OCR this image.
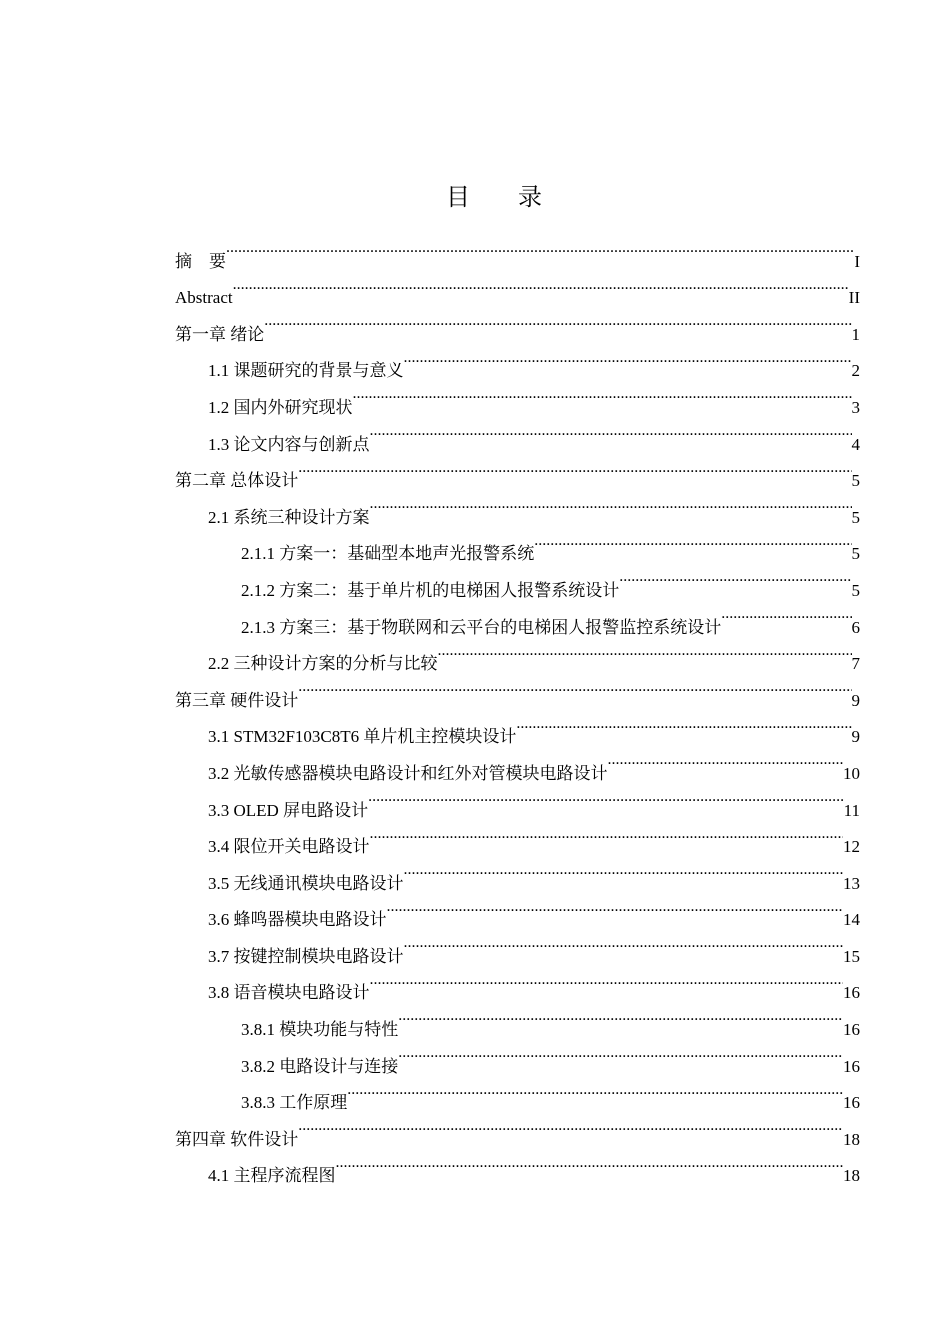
目录
摘　要 .....	I
Abstract .....	II
第一章 绪论 .....	1
1.1 课题研究的背景与意义 .....	2
1.2 国内外研究现状 .....	3
1.3 论文内容与创新点 .....	4
第二章 总体设计 .....	5
2.1 系统三种设计方案 .....	5
2.1.1 方案一：基础型本地声光报警系统 .....	5
2.1.2 方案二：基于单片机的电梯困人报警系统设计 .....	5
2.1.3 方案三：基于物联网和云平台的电梯困人报警监控系统设计 .....	6
2.2 三种设计方案的分析与比较 .....	7
第三章 硬件设计 .....	9
3.1 STM32F103C8T6 单片机主控模块设计 .....	9
3.2 光敏传感器模块电路设计和红外对管模块电路设计 .....	10
3.3 OLED 屏电路设计 .....	11
3.4 限位开关电路设计 .....	12
3.5 无线通讯模块电路设计 .....	13
3.6 蜂鸣器模块电路设计 .....	14
3.7 按键控制模块电路设计 .....	15
3.8 语音模块电路设计 .....	16
3.8.1 模块功能与特性 .....	16
3.8.2 电路设计与连接 .....	16
3.8.3 工作原理 .....	16
第四章 软件设计 .....	18
4.1 主程序流程图 .....	18
